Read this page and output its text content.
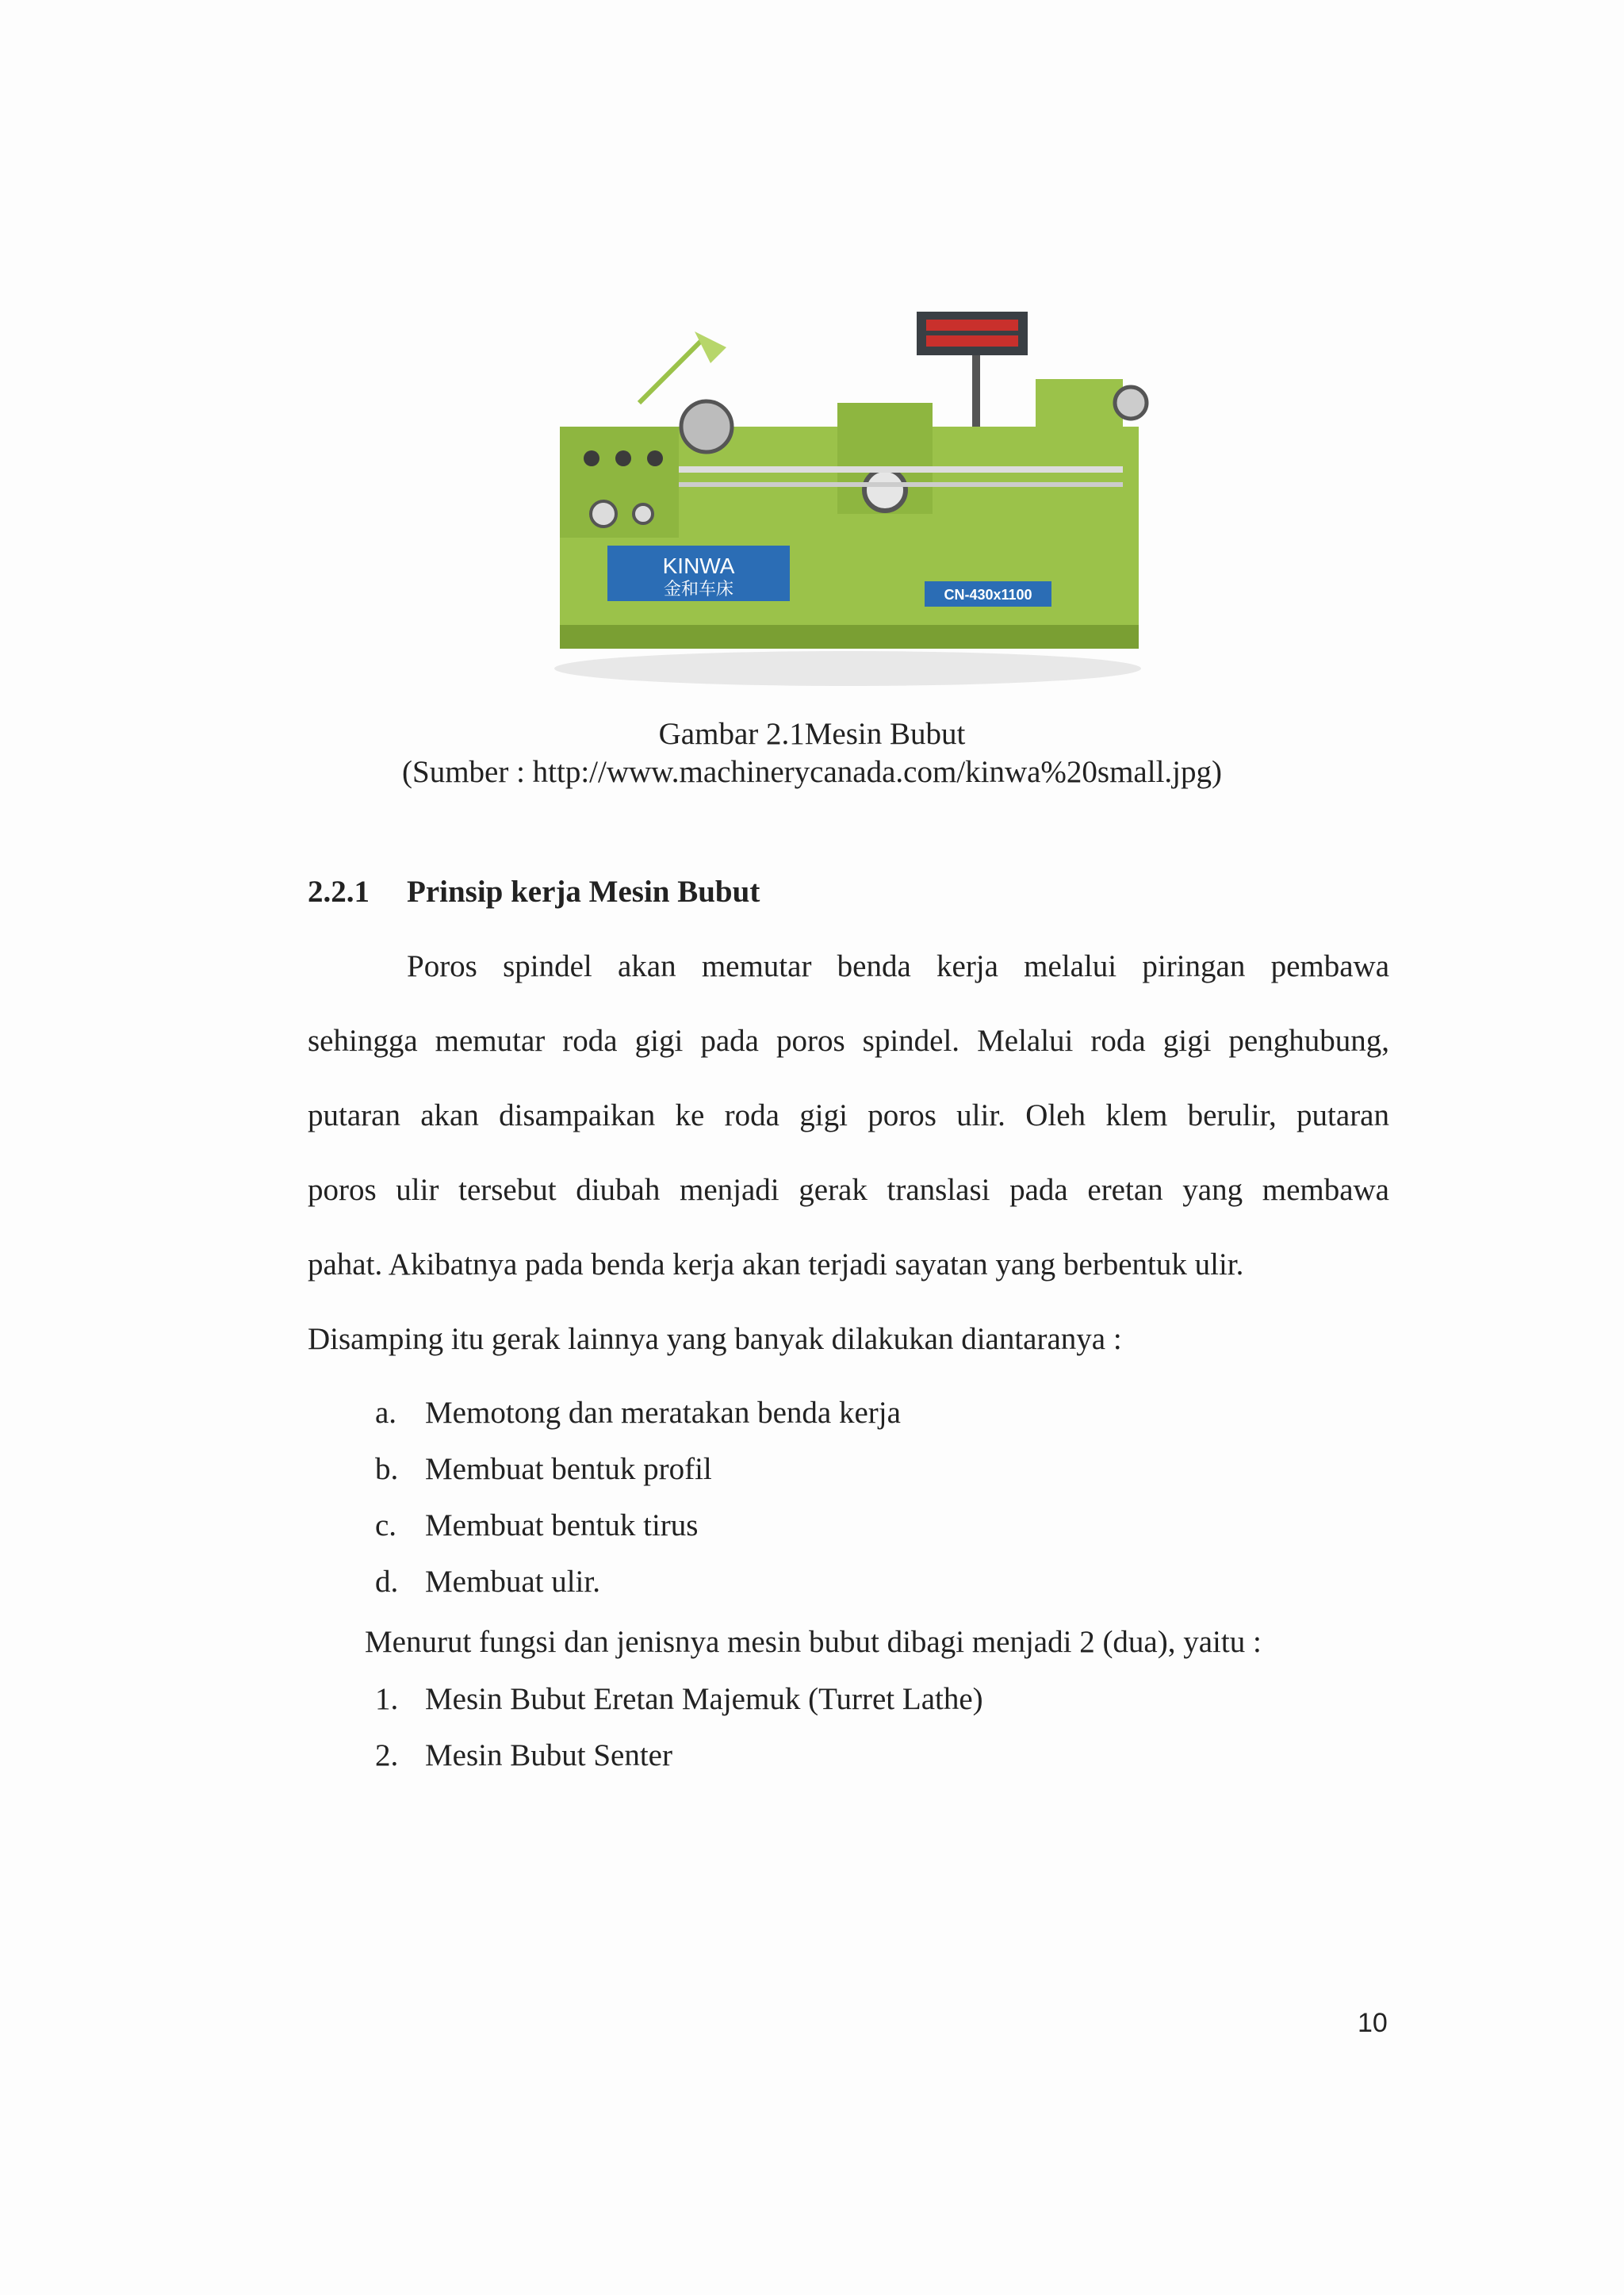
KINWA
金和车床	CN-430x1100
Gambar 2.1Mesin Bubut
(Sumber : http://www.machinerycanada.com/kinwa%20small.jpg)
2.2.1 Prinsip kerja Mesin Bubut
Poros spindel akan memutar benda kerja melalui piringan pembawa
sehingga memutar roda gigi pada poros spindel. Melalui roda gigi penghubung,
putaran akan disampaikan ke roda gigi poros ulir. Oleh klem berulir, putaran
poros ulir tersebut diubah menjadi gerak translasi pada eretan yang membawa
pahat. Akibatnya pada benda kerja akan terjadi sayatan yang berbentuk ulir.
Disamping itu gerak lainnya yang banyak dilakukan diantaranya :
a. Memotong dan meratakan benda kerja
b. Membuat bentuk profil
c. Membuat bentuk tirus
d. Membuat ulir.
Menurut fungsi dan jenisnya mesin bubut dibagi menjadi 2 (dua), yaitu :
1. Mesin Bubut Eretan Majemuk (Turret Lathe)
2. Mesin Bubut Senter
10
